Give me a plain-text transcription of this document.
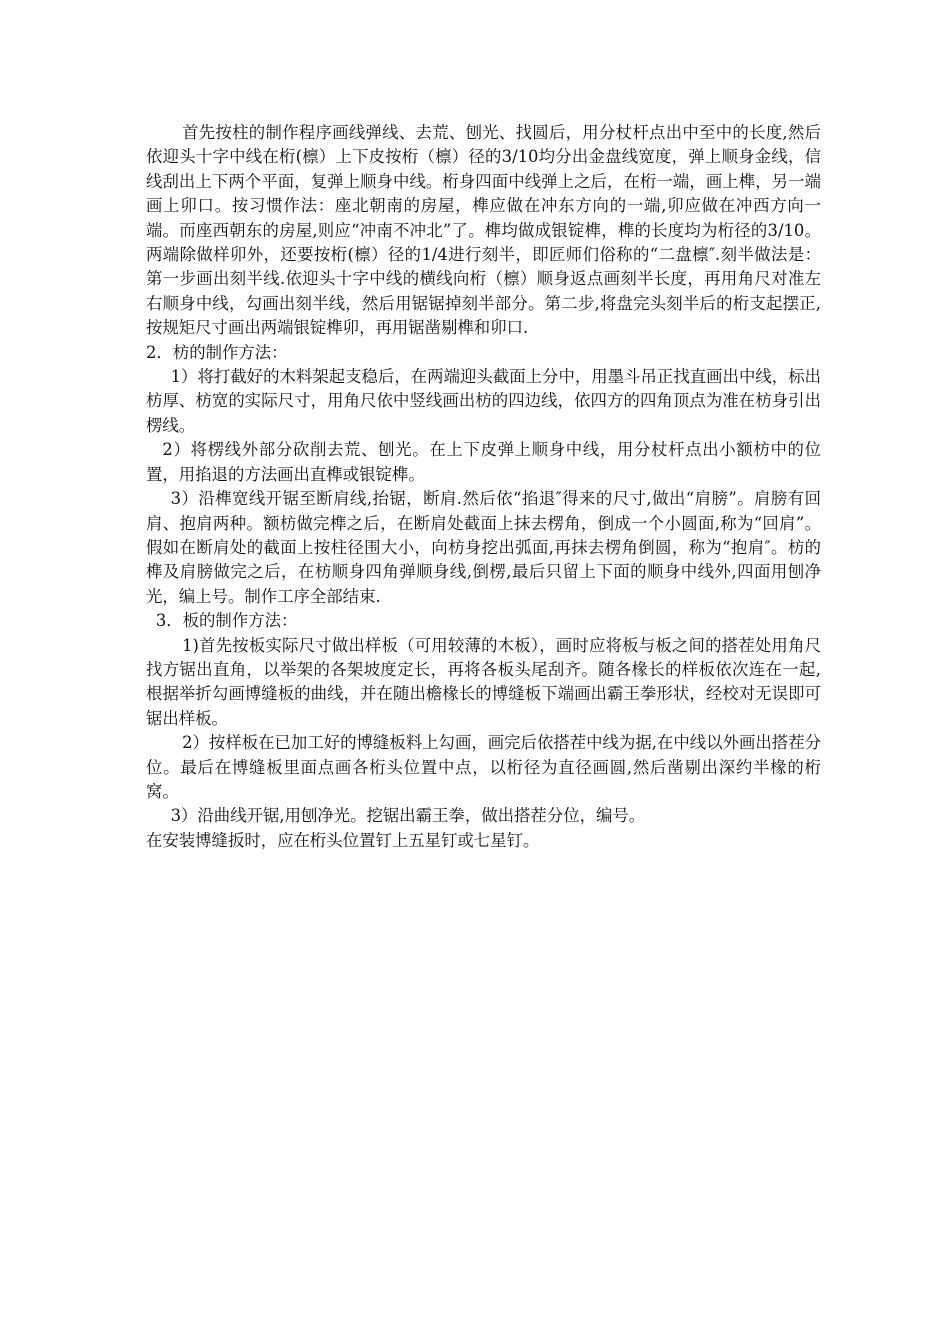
首先按柱的制作程序画线弹线、去荒、刨光、找圆后，用分杖杆点出中至中的长度,然后依迎头十字中线在桁(檩）上下皮按桁（檩）径的3/10均分出金盘线宽度，弹上顺身金线，信线刮出上下两个平面，复弹上顺身中线。桁身四面中线弹上之后，在桁一端，画上榫，另一端画上卯口。按习惯作法：座北朝南的房屋，榫应做在冲东方向的一端,卯应做在冲西方向一端。而座西朝东的房屋,则应“冲南不冲北”了。榫均做成银锭榫，榫的长度均为桁径的3/10。两端除做样卯外，还要按桁(檩）径的1/4进行刻半，即匠师们俗称的“二盘檩″.刻半做法是：第一步画出刻半线.依迎头十字中线的横线向桁（檩）顺身返点画刻半长度，再用角尺对准左右顺身中线，勾画出刻半线，然后用锯锯掉刻半部分。第二步,将盘完头刻半后的桁支起摆正,按规矩尺寸画出两端银锭榫卯，再用锯凿剔榫和卯口.

2．枋的制作方法：

1）将打截好的木料架起支稳后，在两端迎头截面上分中，用墨斗吊正找直画出中线，标出枋厚、枋宽的实际尺寸，用角尺依中竖线画出枋的四边线，依四方的四角顶点为准在枋身引出楞线。

2）将楞线外部分砍削去荒、刨光。在上下皮弹上顺身中线，用分杖杆点出小额枋中的位置，用掐退的方法画出直榫或银锭榫。

3）沿榫宽线开锯至断肩线,抬锯，断肩.然后依“掐退″得来的尺寸,做出“肩膀”。肩膀有回肩、抱肩两种。额枋做完榫之后，在断肩处截面上抹去楞角，倒成一个小圆面,称为“回肩”。假如在断肩处的截面上按柱径围大小，向枋身挖出弧面,再抹去楞角倒圆，称为“抱肩″。枋的榫及肩膀做完之后，在枋顺身四角弹顺身线,倒楞,最后只留上下面的顺身中线外,四面用刨净光，编上号。制作工序全部结束.

3．板的制作方法：

1)首先按板实际尺寸做出样板（可用较薄的木板），画时应将板与板之间的搭茬处用角尺找方锯出直角，以举架的各架坡度定长，再将各板头尾刮齐。随各椽长的样板依次连在一起,根据举折勾画博缝板的曲线，并在随出檐椽长的博缝板下端画出霸王拳形状，经校对无误即可锯出样板。

2）按样板在已加工好的博缝板料上勾画，画完后依搭茬中线为据,在中线以外画出搭茬分位。最后在博缝板里面点画各桁头位置中点，以桁径为直径画圆,然后凿剔出深约半椽的桁窝。

3）沿曲线开锯,用刨净光。挖锯出霸王拳，做出搭茬分位，编号。

在安装博缝扳时，应在桁头位置钉上五星钉或七星钉。
